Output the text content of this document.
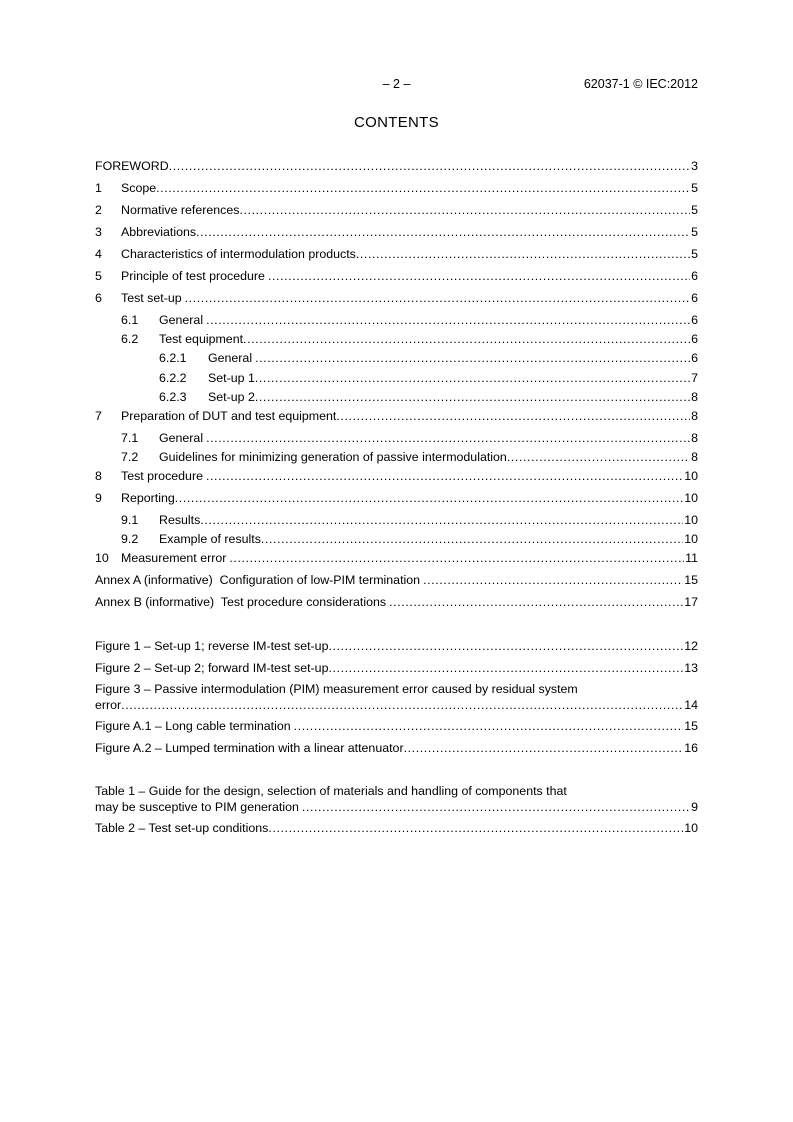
– 2 –	62037-1 © IEC:2012
CONTENTS
FOREWORD .....	3
1	Scope .....	5
2	Normative references .....	5
3	Abbreviations .....	5
4	Characteristics of intermodulation products .....	5
5	Principle of test procedure .....	6
6	Test set-up .....	6
6.1	General .....	6
6.2	Test equipment .....	6
6.2.1	General .....	6
6.2.2	Set-up 1 .....	7
6.2.3	Set-up 2 .....	8
7	Preparation of DUT and test equipment .....	8
7.1	General .....	8
7.2	Guidelines for minimizing generation of passive intermodulation .....	8
8	Test procedure .....	10
9	Reporting .....	10
9.1	Results .....	10
9.2	Example of results .....	10
10 Measurement error .....	11
Annex A (informative)  Configuration of low-PIM termination .....	15
Annex B (informative)  Test procedure considerations .....	17
Figure 1 – Set-up 1; reverse IM-test set-up .....	12
Figure 2 – Set-up 2; forward IM-test set-up .....	13
Figure 3 – Passive intermodulation (PIM) measurement error caused by residual system
error .....	14
Figure A.1 – Long cable termination .....	15
Figure A.2 – Lumped termination with a linear attenuator .....	16
Table 1 – Guide for the design, selection of materials and handling of components that
may be susceptive to PIM generation .....	9
Table 2 – Test set-up conditions .....	10
